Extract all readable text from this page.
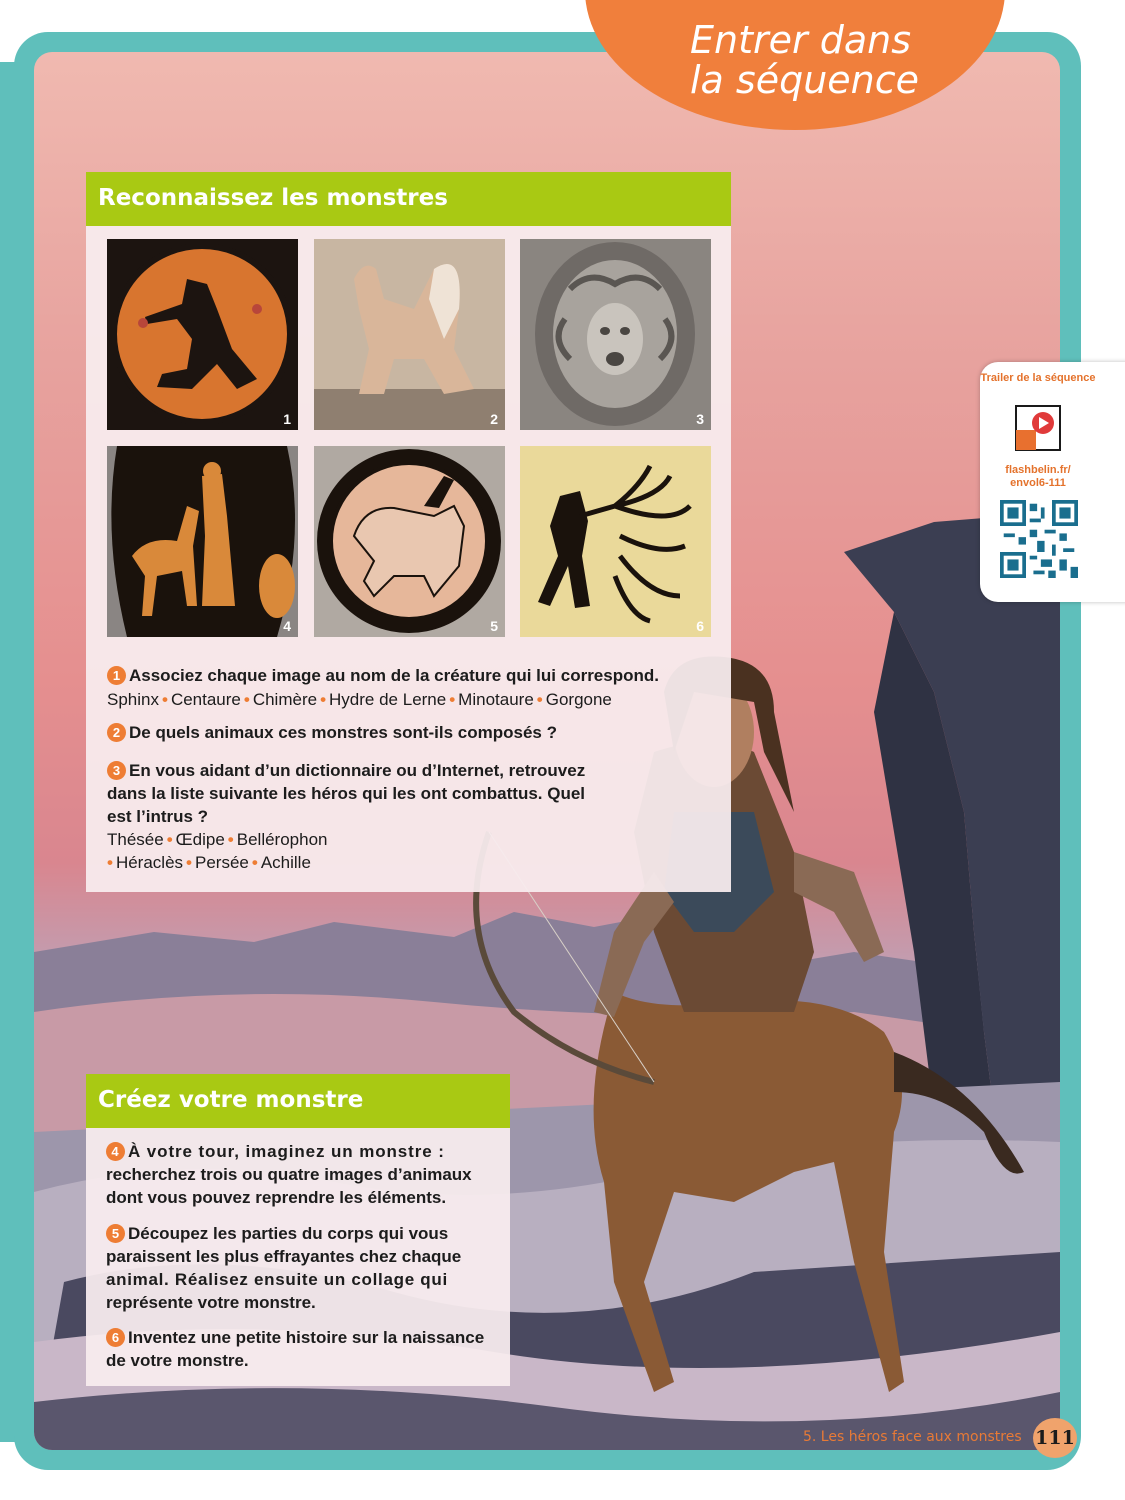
Entrer dans la séquence
Reconnaissez les monstres
1	2	3
4	5	6
1 Associez chaque image au nom de la créature qui lui correspond.
Sphinx • Centaure • Chimère • Hydre de Lerne • Minotaure • Gorgone
2 De quels animaux ces monstres sont-ils composés ?
3 En vous aidant d’un dictionnaire ou d’Internet, retrouvez
dans la liste suivante les héros qui les ont combattus. Quel
est l’intrus ?
Thésée • Œdipe • Bellérophon
• Héraclès • Persée • Achille
Créez votre monstre
4 À votre tour, imaginez un monstre :
recherchez trois ou quatre images d’animaux
dont vous pouvez reprendre les éléments.
5 Découpez les parties du corps qui vous
paraissent les plus effrayantes chez chaque
animal. Réalisez ensuite un collage qui
représente votre monstre.
6 Inventez une petite histoire sur la naissance
de votre monstre.
Trailer de la séquence
flashbelin.fr/
envol6-111
5. Les héros face aux monstres 111
